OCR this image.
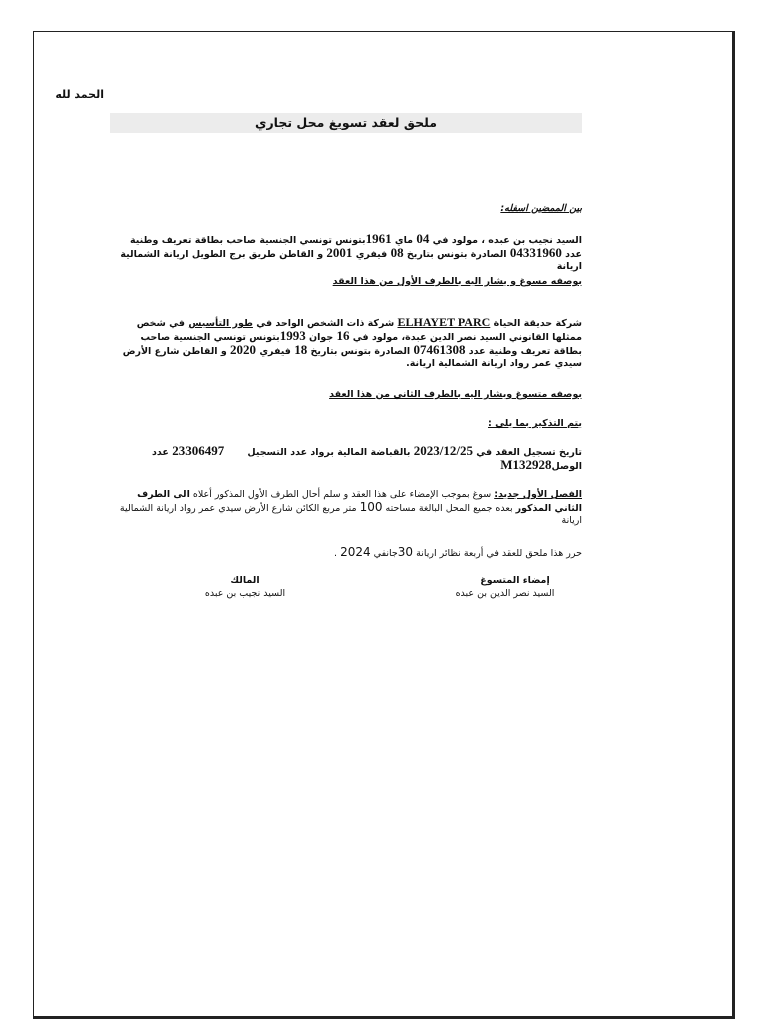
الحمد لله
ملحق لعقد تسويغ محل تجاري
بين الممضين اسفله:
السيد نجيب بن عبده ، مولود في 04 ماي 1961بتونس تونسي الجنسية صاحب بطاقة تعريف وطنية عدد 04331960 الصادرة بتونس بتاريخ 08 فيفري 2001 و القاطن طريق برج الطويل اريانة الشمالية اريانة
بوصفه مسوغ و يشار اليه بالطرف الأول من هذا العقد
شركة حديقة الحياة ELHAYET PARC شركة ذات الشخص الواحد في طور التأسيس في شخص ممثلها القانوني السيد نصر الدين عبدة، مولود في 16 جوان 1993بتونس تونسي الجنسية صاحب بطاقة تعريف وطنية عدد 07461308 الصادرة بتونس بتاريخ 18 فيفري 2020 و القاطن شارع الأرض سيدي عمر رواد اريانة الشمالية اريانة.
بوصفه متسوغ ويشار اليه بالطرف الثاني من هذا العقد
يتم التذكير بما يلي :
تاريخ تسجيل العقد في 2023/12/25 بالقباضة المالية برواد عدد التسجيل       23306497 عدد الوصلM132928
الفصل الأول جديد: سوغ بموجب الإمضاء على هذا العقد و سلم أحال الطرف الأول المذكور أعلاه الى الطرف الثاني المذكور بعده جميع المحل البالغة مساحته 100 متر مربع الكائن شارع الأرض سيدي عمر رواد اريانة الشمالية اريانة
حرر هذا ملحق للعقد في أربعة نظائر اريانة 30جانفي 2024 .
إمضاء المتسوغ
السيد نصر الدين بن عبده
المالك
السيد نجيب بن عبده
